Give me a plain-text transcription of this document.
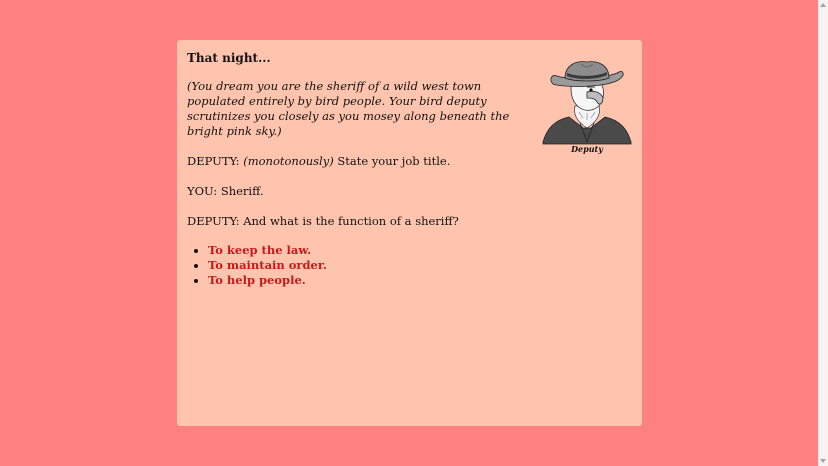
That night...
(You dream you are the sheriff of a wild west town populated entirely by bird people. Your bird deputy scrutinizes you closely as you mosey along beneath the bright pink sky.)
DEPUTY: (monotonously) State your job title.
YOU: Sheriff.
DEPUTY: And what is the function of a sheriff?
• To keep the law.
• To maintain order.
• To help people.
Deputy
